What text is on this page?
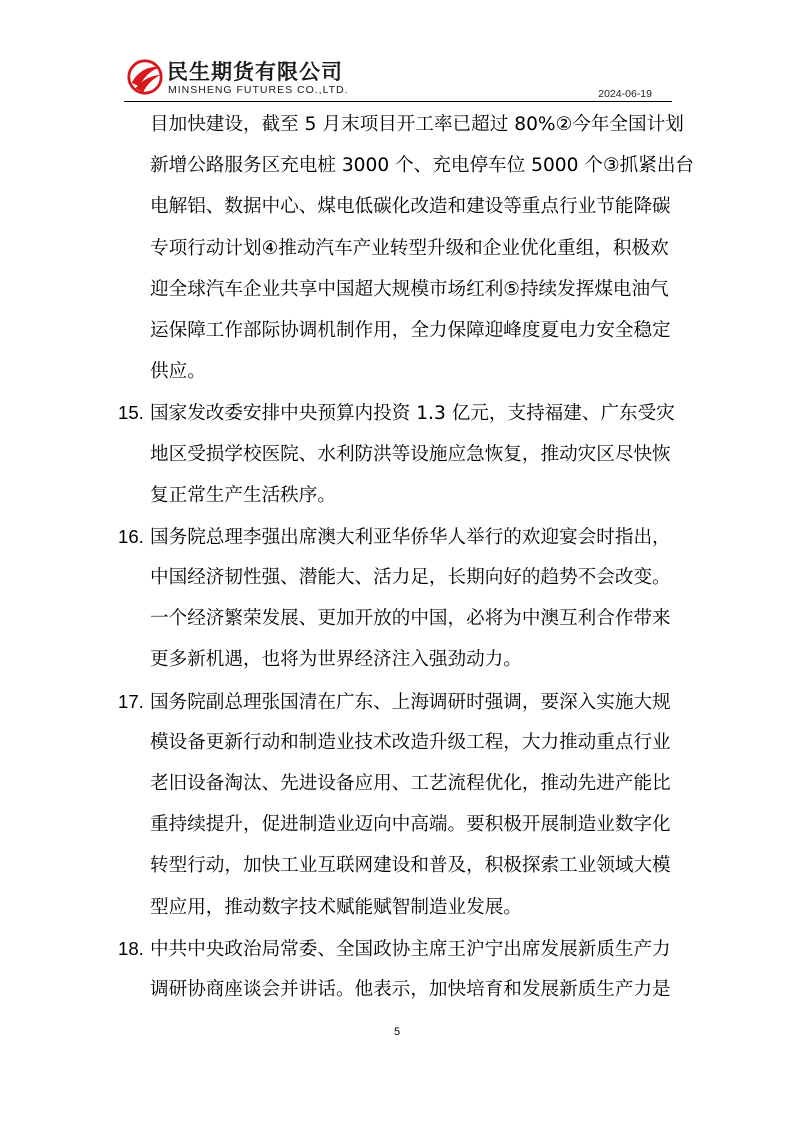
民生期货有限公司
MINSHENG FUTURES CO.,LTD.	2024-06-19
目加快建设，截至 5 月末项目开工率已超过 80%②今年全国计划
新增公路服务区充电桩 3000 个、充电停车位 5000 个③抓紧出台
电解铝、数据中心、煤电低碳化改造和建设等重点行业节能降碳
专项行动计划④推动汽车产业转型升级和企业优化重组，积极欢
迎全球汽车企业共享中国超大规模市场红利⑤持续发挥煤电油气
运保障工作部际协调机制作用，全力保障迎峰度夏电力安全稳定
供应。
15. 国家发改委安排中央预算内投资 1.3 亿元，支持福建、广东受灾
地区受损学校医院、水利防洪等设施应急恢复，推动灾区尽快恢
复正常生产生活秩序。
16. 国务院总理李强出席澳大利亚华侨华人举行的欢迎宴会时指出，
中国经济韧性强、潜能大、活力足，长期向好的趋势不会改变。
一个经济繁荣发展、更加开放的中国，必将为中澳互利合作带来
更多新机遇，也将为世界经济注入强劲动力。
17. 国务院副总理张国清在广东、上海调研时强调，要深入实施大规
模设备更新行动和制造业技术改造升级工程，大力推动重点行业
老旧设备淘汰、先进设备应用、工艺流程优化，推动先进产能比
重持续提升，促进制造业迈向中高端。要积极开展制造业数字化
转型行动，加快工业互联网建设和普及，积极探索工业领域大模
型应用，推动数字技术赋能赋智制造业发展。
18. 中共中央政治局常委、全国政协主席王沪宁出席发展新质生产力
调研协商座谈会并讲话。他表示，加快培育和发展新质生产力是
5
